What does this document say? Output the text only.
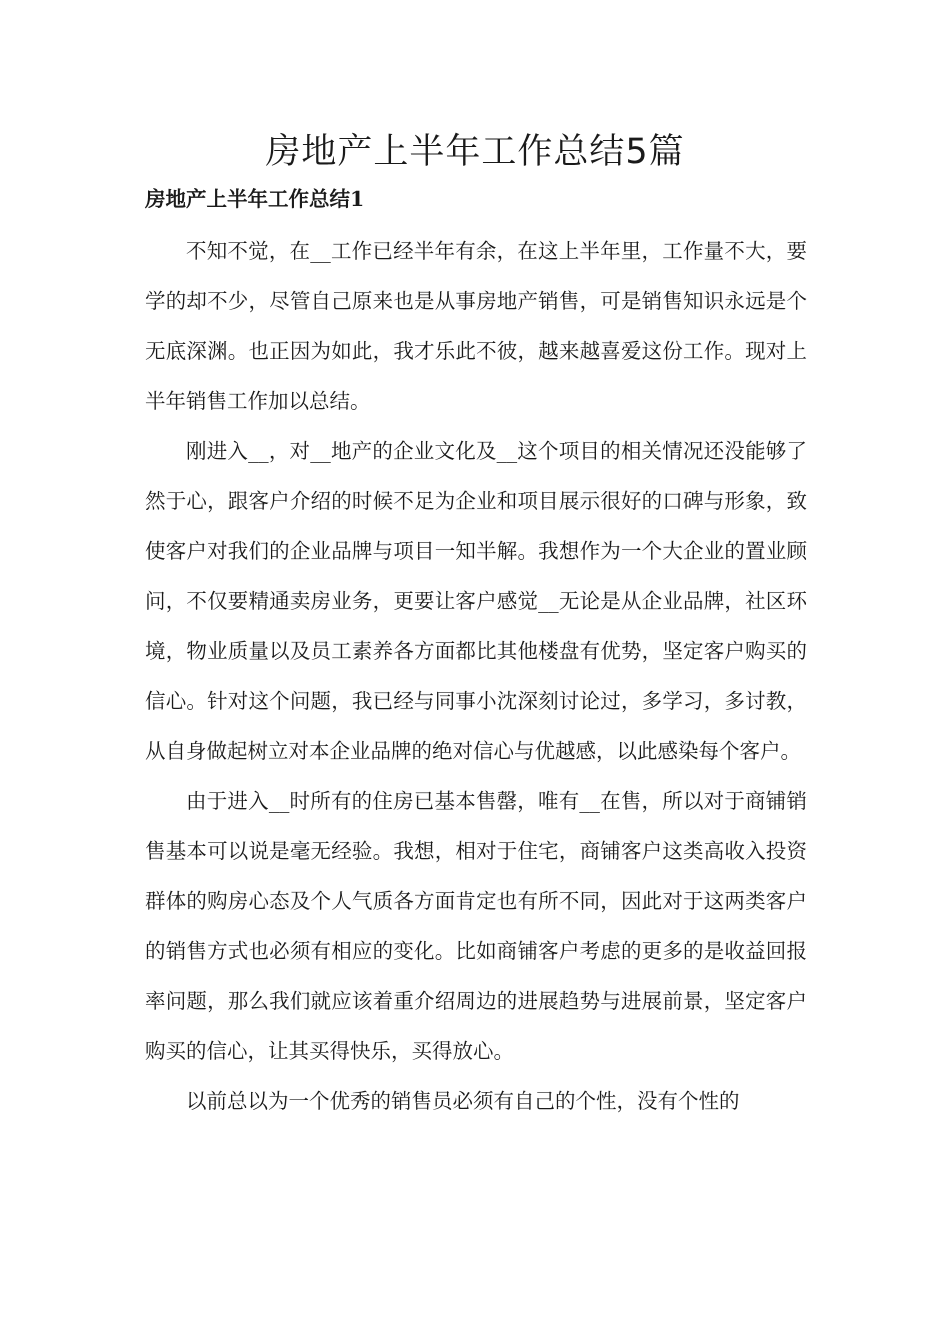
房地产上半年工作总结5篇
房地产上半年工作总结1

不知不觉，在__工作已经半年有余，在这上半年里，工作量不大，要学的却不少，尽管自己原来也是从事房地产销售，可是销售知识永远是个无底深渊。也正因为如此，我才乐此不彼，越来越喜爱这份工作。现对上半年销售工作加以总结。

刚进入__，对__地产的企业文化及__这个项目的相关情况还没能够了然于心，跟客户介绍的时候不足为企业和项目展示很好的口碑与形象，致使客户对我们的企业品牌与项目一知半解。我想作为一个大企业的置业顾问，不仅要精通卖房业务，更要让客户感觉__无论是从企业品牌，社区环境，物业质量以及员工素养各方面都比其他楼盘有优势，坚定客户购买的信心。针对这个问题，我已经与同事小沈深刻讨论过，多学习，多讨教，从自身做起树立对本企业品牌的绝对信心与优越感，以此感染每个客户。

由于进入__时所有的住房已基本售罄，唯有__在售，所以对于商铺销售基本可以说是毫无经验。我想，相对于住宅，商铺客户这类高收入投资群体的购房心态及个人气质各方面肯定也有所不同，因此对于这两类客户的销售方式也必须有相应的变化。比如商铺客户考虑的更多的是收益回报率问题，那么我们就应该着重介绍周边的进展趋势与进展前景，坚定客户购买的信心，让其买得快乐，买得放心。

以前总以为一个优秀的销售员必须有自己的个性，没有个性的
